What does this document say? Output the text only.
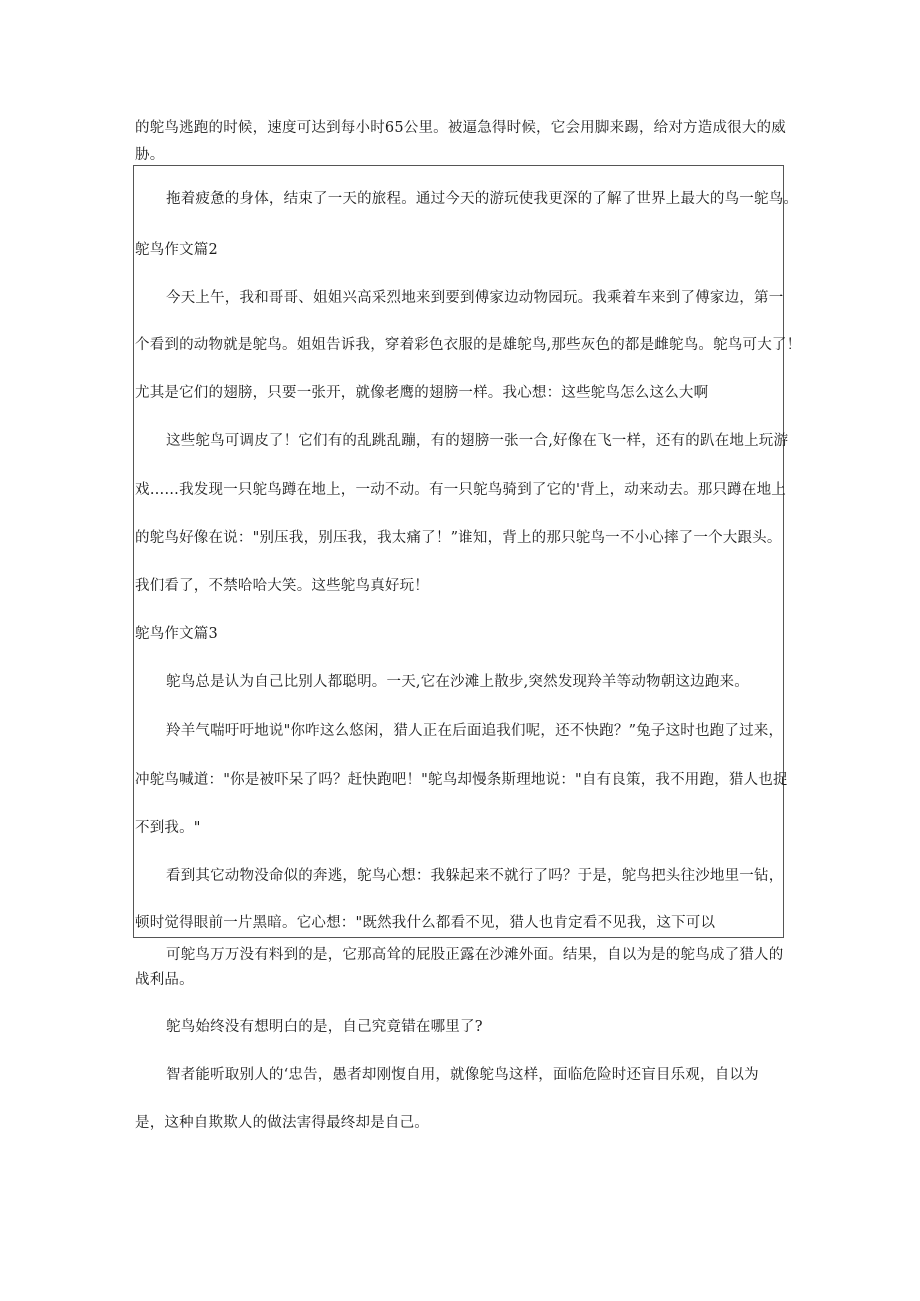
的鸵鸟逃跑的时候，速度可达到每小时65公里。被逼急得时候，它会用脚来踢，给对方造成很大的威
胁。
拖着疲惫的身体，结束了一天的旅程。通过今天的游玩使我更深的了解了世界上最大的鸟一鸵鸟。
鸵鸟作文篇2
今天上午，我和哥哥、姐姐兴高采烈地来到要到傅家边动物园玩。我乘着车来到了傅家边，第一
个看到的动物就是鸵鸟。姐姐告诉我，穿着彩色衣服的是雄鸵鸟,那些灰色的都是雌鸵鸟。鸵鸟可大了！
尤其是它们的翅膀，只要一张开，就像老鹰的翅膀一样。我心想：这些鸵鸟怎么这么大啊
这些鸵鸟可调皮了！它们有的乱跳乱蹦，有的翅膀一张一合,好像在飞一样，还有的趴在地上玩游
戏……我发现一只鸵鸟蹲在地上，一动不动。有一只鸵鸟骑到了它的'背上，动来动去。那只蹲在地上
的鸵鸟好像在说："别压我，别压我，我太痛了！”谁知，背上的那只鸵鸟一不小心摔了一个大跟头。
我们看了，不禁哈哈大笑。这些鸵鸟真好玩！
鸵鸟作文篇3
鸵鸟总是认为自己比别人都聪明。一天,它在沙滩上散步,突然发现羚羊等动物朝这边跑来。
羚羊气喘吁吁地说"你咋这么悠闲，猎人正在后面追我们呢，还不快跑？”兔子这时也跑了过来，
冲鸵鸟喊道："你是被吓呆了吗？赶快跑吧！"鸵鸟却慢条斯理地说："自有良策，我不用跑，猎人也捉
不到我。"
看到其它动物没命似的奔逃，鸵鸟心想：我躲起来不就行了吗？于是，鸵鸟把头往沙地里一钻，
顿时觉得眼前一片黑暗。它心想："既然我什么都看不见，猎人也肯定看不见我，这下可以
可鸵鸟万万没有料到的是，它那高耸的屁股正露在沙滩外面。结果，自以为是的鸵鸟成了猎人的
战利品。
鸵鸟始终没有想明白的是，自己究竟错在哪里了?
智者能听取别人的‘忠告，愚者却刚愎自用，就像鸵鸟这样，面临危险时还盲目乐观，自以为
是，这种自欺欺人的做法害得最终却是自己。
